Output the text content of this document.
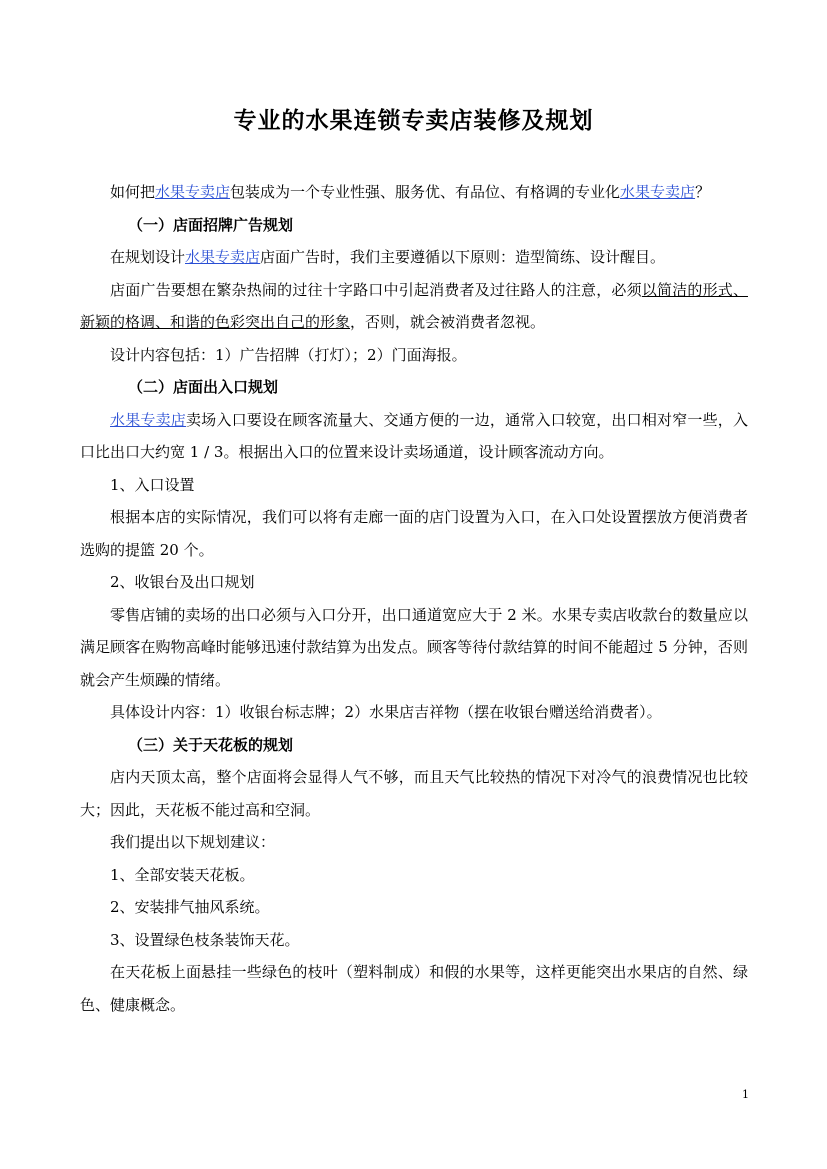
专业的水果连锁专卖店装修及规划

如何把水果专卖店包装成为一个专业性强、服务优、有品位、有格调的专业化水果专卖店？

（一）店面招牌广告规划

在规划设计水果专卖店店面广告时，我们主要遵循以下原则：造型简练、设计醒目。

店面广告要想在繁杂热闹的过往十字路口中引起消费者及过往路人的注意，必须以简洁的形式、新颖的格调、和谐的色彩突出自己的形象，否则，就会被消费者忽视。

设计内容包括：1）广告招牌（打灯）；2）门面海报。

（二）店面出入口规划

水果专卖店卖场入口要设在顾客流量大、交通方便的一边，通常入口较宽，出口相对窄一些，入口比出口大约宽 1 / 3。根据出入口的位置来设计卖场通道，设计顾客流动方向。

1、入口设置

根据本店的实际情况，我们可以将有走廊一面的店门设置为入口，在入口处设置摆放方便消费者选购的提篮 20 个。

2、收银台及出口规划

零售店铺的卖场的出口必须与入口分开，出口通道宽应大于 2 米。水果专卖店收款台的数量应以满足顾客在购物高峰时能够迅速付款结算为出发点。顾客等待付款结算的时间不能超过 5 分钟，否则就会产生烦躁的情绪。

具体设计内容：1）收银台标志牌；2）水果店吉祥物（摆在收银台赠送给消费者）。

（三）关于天花板的规划

店内天顶太高，整个店面将会显得人气不够，而且天气比较热的情况下对冷气的浪费情况也比较大；因此，天花板不能过高和空洞。

我们提出以下规划建议：

1、全部安装天花板。

2、安装排气抽风系统。

3、设置绿色枝条装饰天花。

在天花板上面悬挂一些绿色的枝叶（塑料制成）和假的水果等，这样更能突出水果店的自然、绿色、健康概念。

1
